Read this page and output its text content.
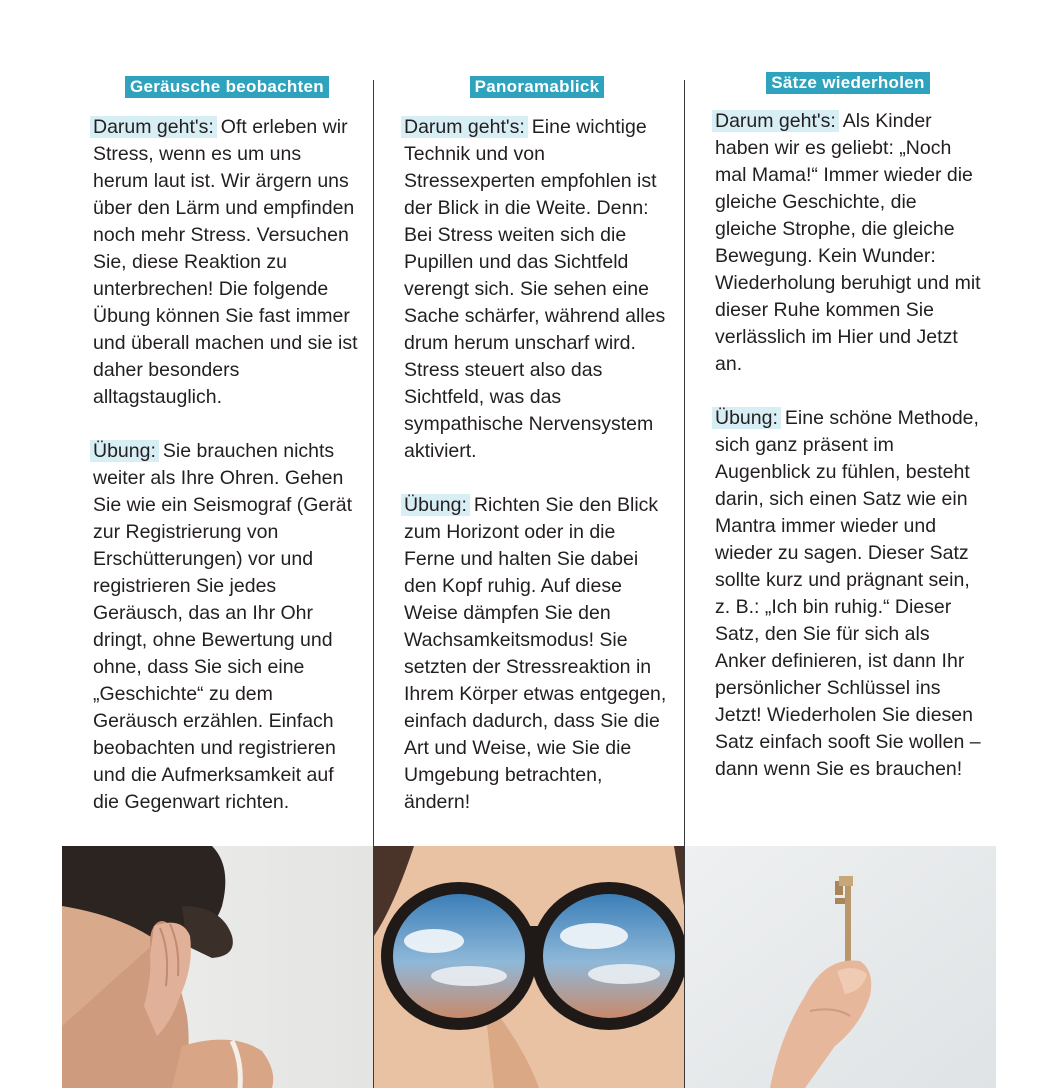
Geräusche beobachten

Darum geht's: Oft erleben wir Stress, wenn es um uns herum laut ist. Wir ärgern uns über den Lärm und empfinden noch mehr Stress. Versuchen Sie, diese Reaktion zu unterbrechen! Die folgende Übung können Sie fast immer und überall machen und sie ist daher besonders alltagstauglich.

Übung: Sie brauchen nichts weiter als Ihre Ohren. Gehen Sie wie ein Seismograf (Gerät zur Registrierung von Erschütterungen) vor und registrieren Sie jedes Geräusch, das an Ihr Ohr dringt, ohne Bewertung und ohne, dass Sie sich eine „Geschichte“ zu dem Geräusch erzählen. Einfach beobachten und registrieren und die Aufmerksamkeit auf die Gegenwart richten.

Panoramablick

Darum geht's: Eine wichtige Technik und von Stressexperten empfohlen ist der Blick in die Weite. Denn: Bei Stress weiten sich die Pupillen und das Sichtfeld verengt sich. Sie sehen eine Sache schärfer, während alles drum herum unscharf wird. Stress steuert also das Sichtfeld, was das sympathische Nervensystem aktiviert.

Übung: Richten Sie den Blick zum Horizont oder in die Ferne und halten Sie dabei den Kopf ruhig. Auf diese Weise dämpfen Sie den Wachsamkeitsmodus! Sie setzten der Stressreaktion in Ihrem Körper etwas entgegen, einfach dadurch, dass Sie die Art und Weise, wie Sie die Umgebung betrachten, ändern!

Sätze wiederholen

Darum geht's: Als Kinder haben wir es geliebt: „Noch mal Mama!“ Immer wieder die gleiche Geschichte, die gleiche Strophe, die gleiche Bewegung. Kein Wunder: Wiederholung beruhigt und mit dieser Ruhe kommen Sie verlässlich im Hier und Jetzt an.

Übung: Eine schöne Methode, sich ganz präsent im Augenblick zu fühlen, besteht darin, sich einen Satz wie ein Mantra immer wieder und wieder zu sagen. Dieser Satz sollte kurz und prägnant sein, z. B.: „Ich bin ruhig.“ Dieser Satz, den Sie für sich als Anker definieren, ist dann Ihr persönlicher Schlüssel ins Jetzt! Wiederholen Sie diesen Satz einfach sooft Sie wollen – dann wenn Sie es brauchen!
